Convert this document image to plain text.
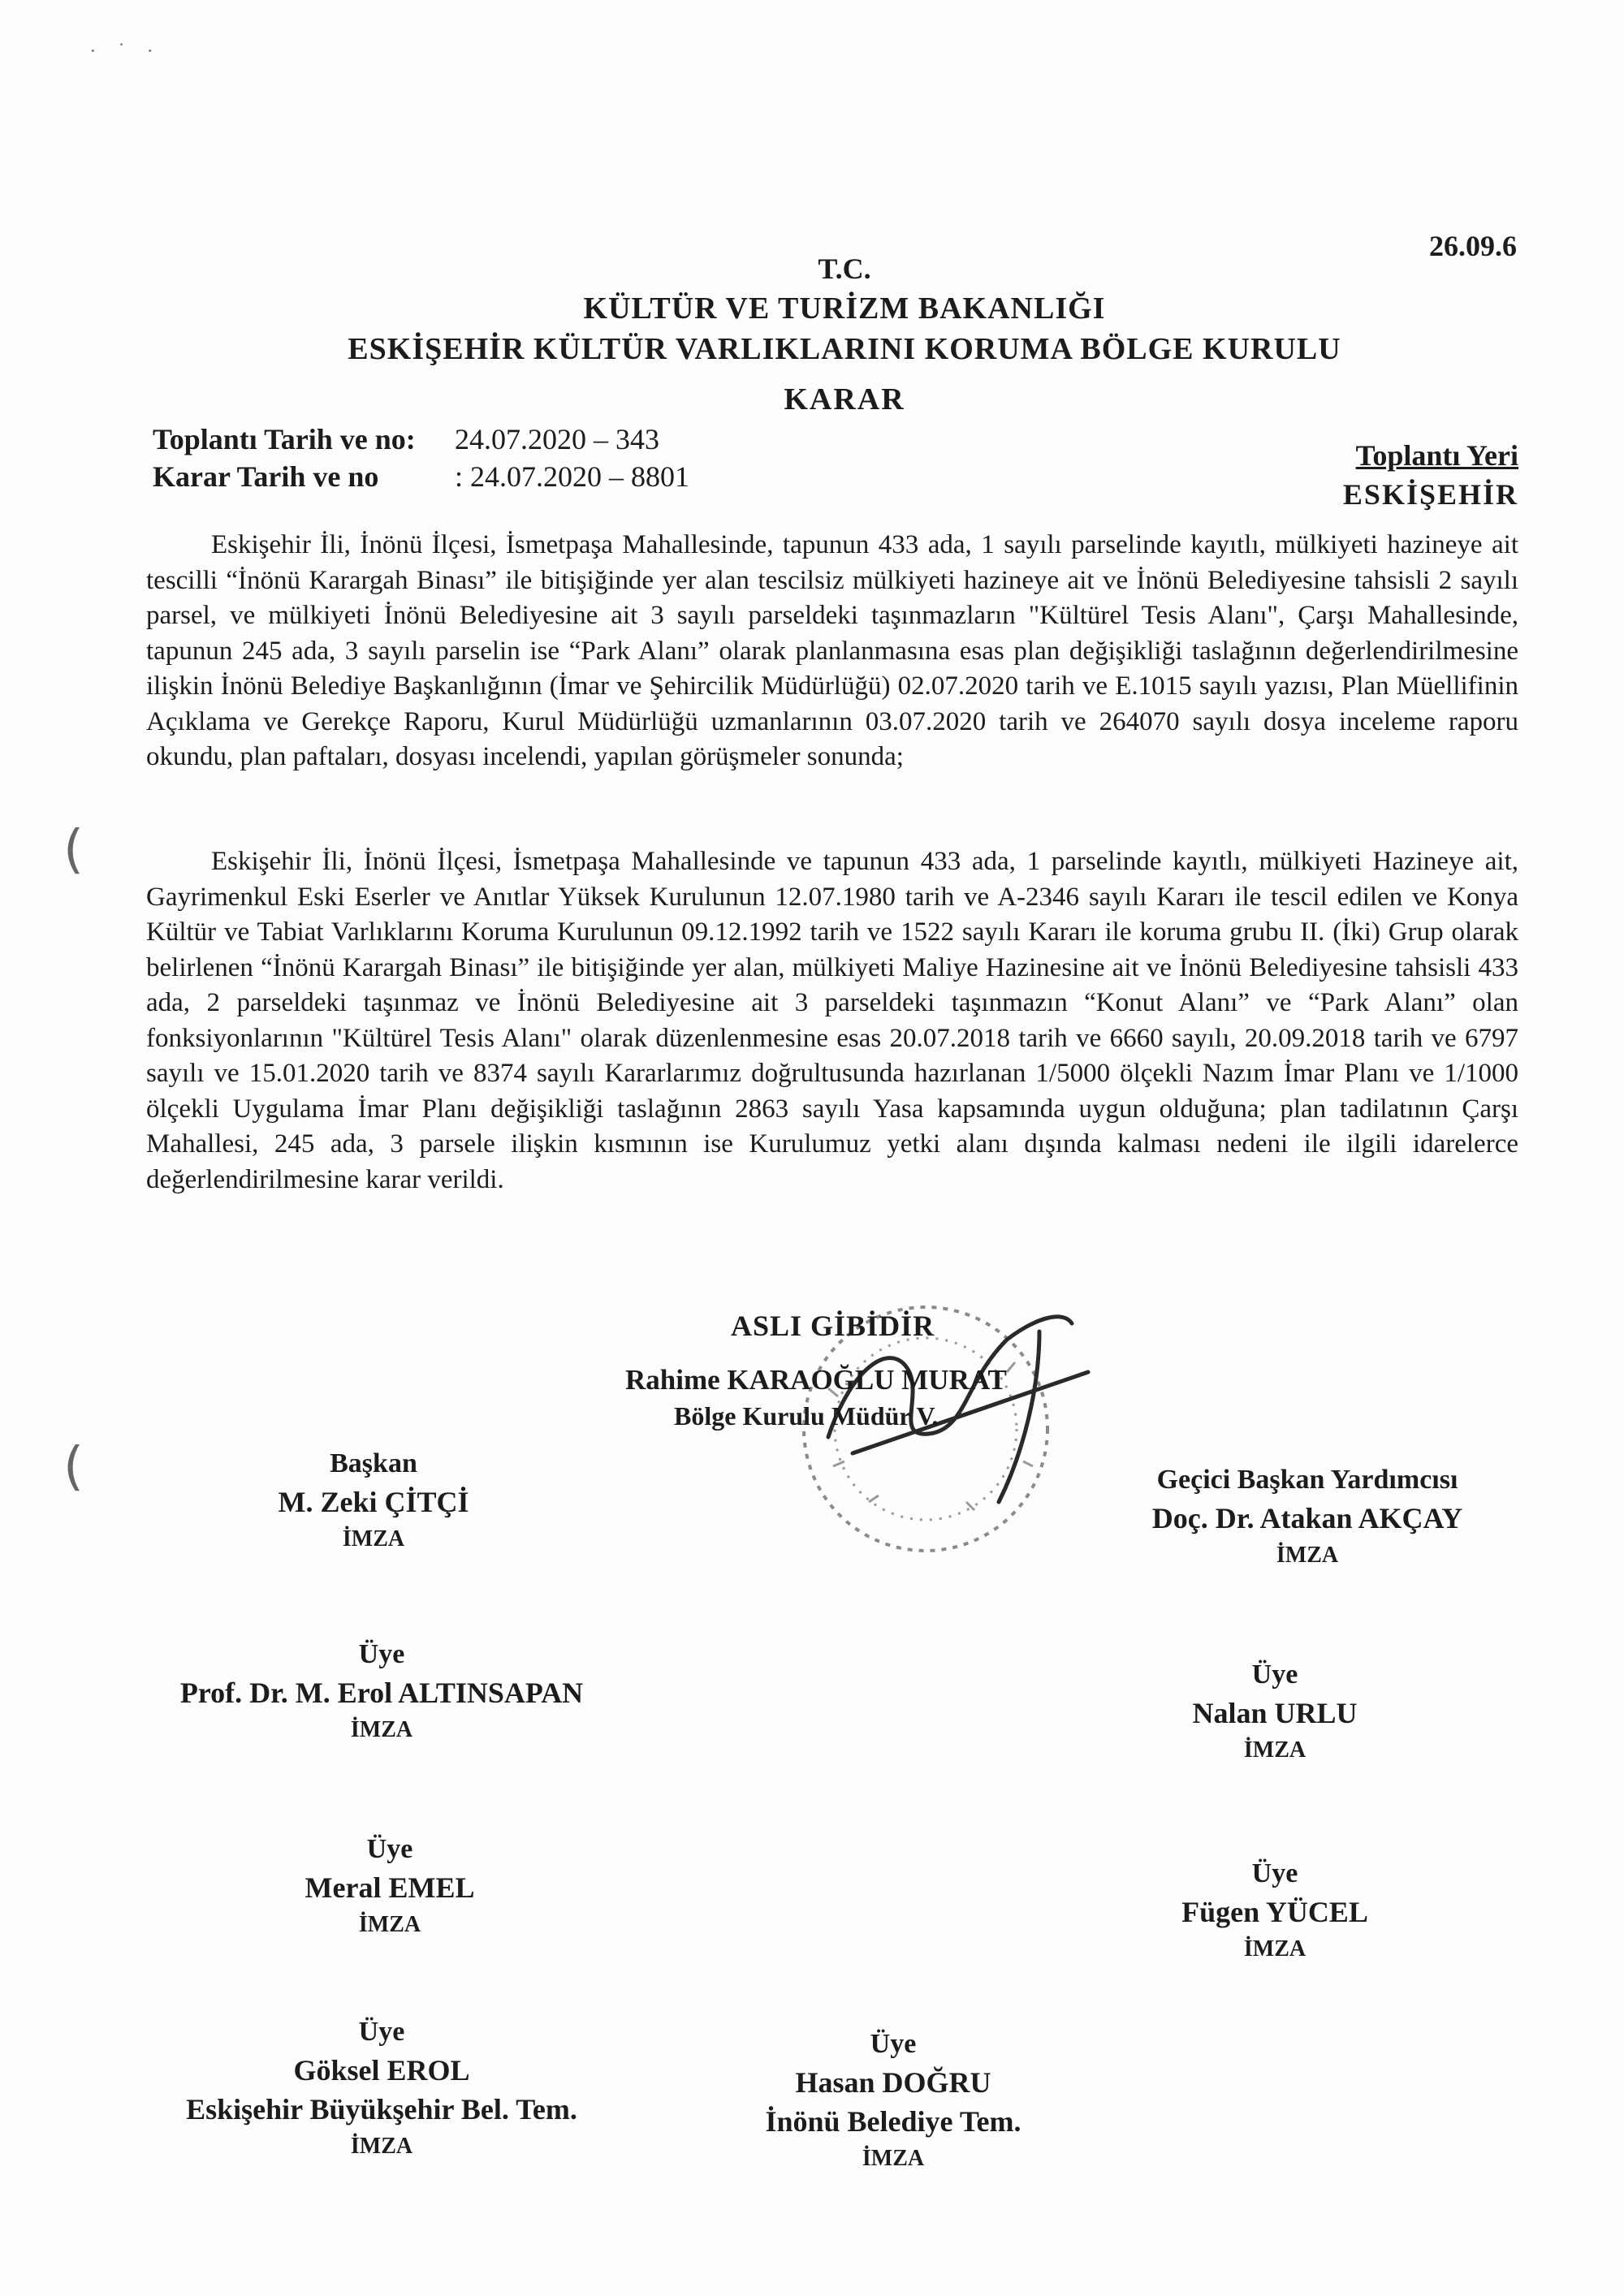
· ˙ ·
26.09.6
T.C.
KÜLTÜR VE TURİZM BAKANLIĞI
ESKİŞEHİR KÜLTÜR VARLIKLARINI KORUMA BÖLGE KURULU
KARAR
Toplantı Tarih ve no: 24.07.2020 – 343
Karar Tarih ve no	: 24.07.2020 – 8801
Toplantı Yeri
ESKİŞEHİR
Eskişehir İli, İnönü İlçesi, İsmetpaşa Mahallesinde, tapunun 433 ada, 1 sayılı parselinde kayıtlı, mülkiyeti hazineye ait tescilli “İnönü Karargah Binası” ile bitişiğinde yer alan tescilsiz mülkiyeti hazineye ait ve İnönü Belediyesine tahsisli 2 sayılı parsel, ve mülkiyeti İnönü Belediyesine ait 3 sayılı parseldeki taşınmazların "Kültürel Tesis Alanı", Çarşı Mahallesinde, tapunun 245 ada, 3 sayılı parselin ise “Park Alanı” olarak planlanmasına esas plan değişikliği taslağının değerlendirilmesine ilişkin İnönü Belediye Başkanlığının (İmar ve Şehircilik Müdürlüğü) 02.07.2020 tarih ve E.1015 sayılı yazısı, Plan Müellifinin Açıklama ve Gerekçe Raporu, Kurul Müdürlüğü uzmanlarının 03.07.2020 tarih ve 264070 sayılı dosya inceleme raporu okundu, plan paftaları, dosyası incelendi, yapılan görüşmeler sonunda;
Eskişehir İli, İnönü İlçesi, İsmetpaşa Mahallesinde ve tapunun 433 ada, 1 parselinde kayıtlı, mülkiyeti Hazineye ait, Gayrimenkul Eski Eserler ve Anıtlar Yüksek Kurulunun 12.07.1980 tarih ve A-2346 sayılı Kararı ile tescil edilen ve Konya Kültür ve Tabiat Varlıklarını Koruma Kurulunun 09.12.1992 tarih ve 1522 sayılı Kararı ile koruma grubu II. (İki) Grup olarak belirlenen “İnönü Karargah Binası” ile bitişiğinde yer alan, mülkiyeti Maliye Hazinesine ait ve İnönü Belediyesine tahsisli 433 ada, 2 parseldeki taşınmaz ve İnönü Belediyesine ait 3 parseldeki taşınmazın “Konut Alanı” ve “Park Alanı” olan fonksiyonlarının "Kültürel Tesis Alanı" olarak düzenlenmesine esas 20.07.2018 tarih ve 6660 sayılı, 20.09.2018 tarih ve 6797 sayılı ve 15.01.2020 tarih ve 8374 sayılı Kararlarımız doğrultusunda hazırlanan 1/5000 ölçekli Nazım İmar Planı ve 1/1000 ölçekli Uygulama İmar Planı değişikliği taslağının 2863 sayılı Yasa kapsamında uygun olduğuna; plan tadilatının Çarşı Mahallesi, 245 ada, 3 parsele ilişkin kısmının ise Kurulumuz yetki alanı dışında kalması nedeni ile ilgili idarelerce değerlendirilmesine karar verildi.
(
(
ASLI GİBİDİR
Rahime KARAOĞLU MURAT
Bölge Kurulu Müdür V.
Başkan
M. Zeki ÇİTÇİ
İMZA
Geçici Başkan Yardımcısı
Doç. Dr. Atakan AKÇAY
İMZA
Üye
Prof. Dr. M. Erol ALTINSAPAN
İMZA
Üye
Nalan URLU
İMZA
Üye
Meral EMEL
İMZA
Üye
Fügen YÜCEL
İMZA
Üye
Göksel EROL
Eskişehir Büyükşehir Bel. Tem.
İMZA
Üye
Hasan DOĞRU
İnönü Belediye Tem.
İMZA
